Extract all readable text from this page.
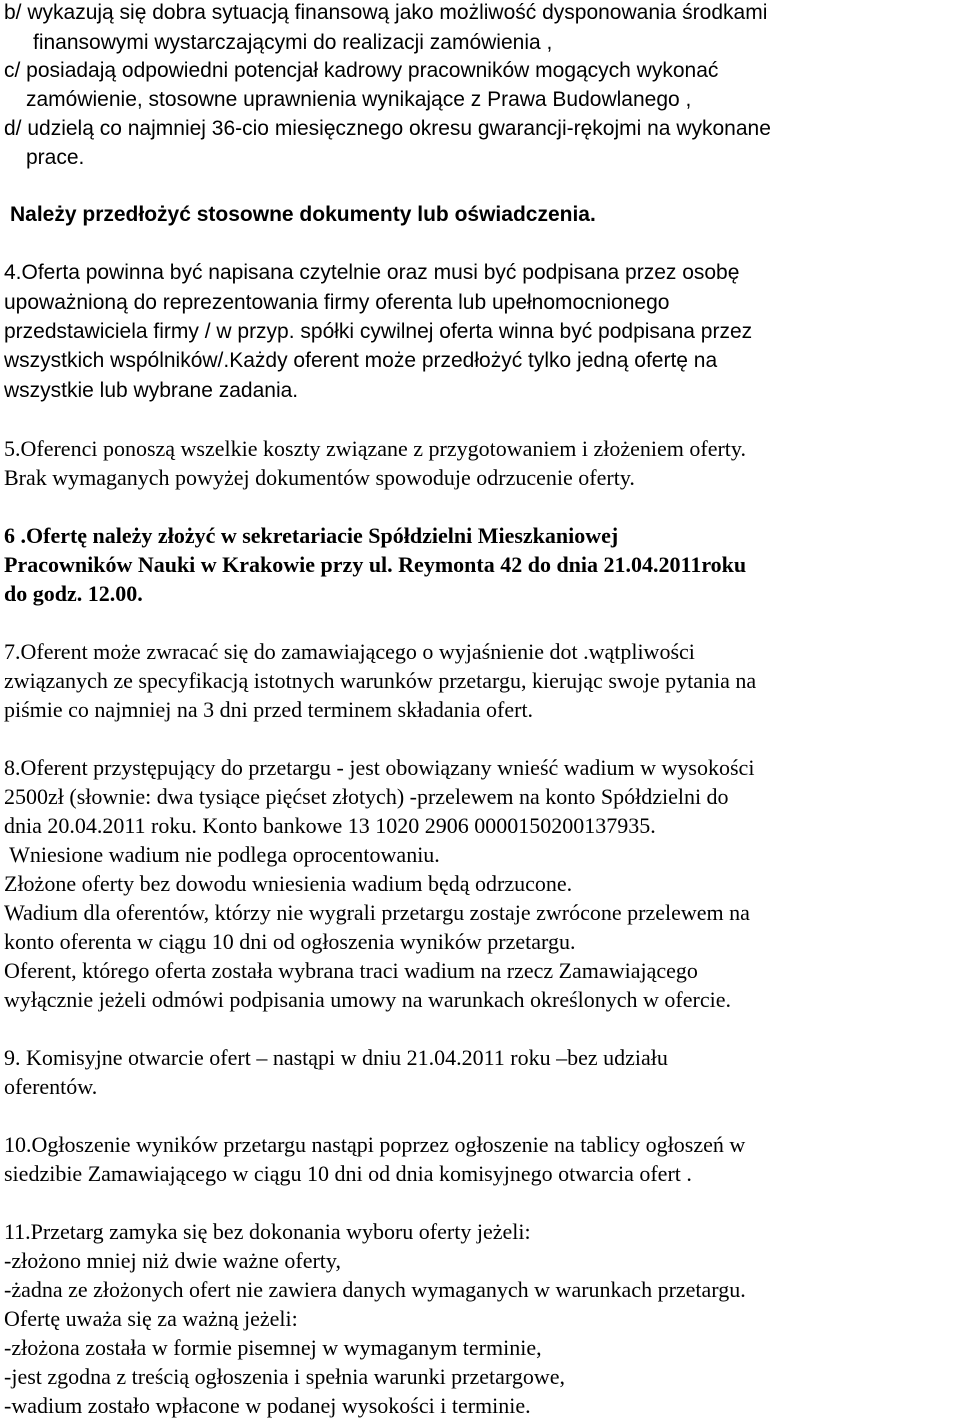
b/ wykazują się dobra sytuacją finansową jako możliwość dysponowania środkami
finansowymi wystarczającymi do realizacji zamówienia ,
c/ posiadają odpowiedni potencjał kadrowy pracowników mogących wykonać
zamówienie, stosowne uprawnienia wynikające z Prawa Budowlanego ,
d/ udzielą co najmniej 36-cio miesięcznego okresu gwarancji-rękojmi na wykonane
prace.
Należy przedłożyć stosowne dokumenty lub oświadczenia.
4.Oferta powinna być napisana czytelnie oraz musi być podpisana przez osobę
upoważnioną do reprezentowania firmy oferenta lub upełnomocnionego
przedstawiciela firmy / w przyp. spółki cywilnej oferta winna być podpisana przez
wszystkich wspólników/.Każdy oferent może przedłożyć tylko jedną ofertę na
wszystkie lub wybrane zadania.
5.Oferenci ponoszą wszelkie koszty związane z przygotowaniem i złożeniem oferty.
Brak wymaganych powyżej dokumentów spowoduje odrzucenie oferty.
6 .Ofertę należy złożyć w sekretariacie Spółdzielni Mieszkaniowej
Pracowników Nauki w Krakowie przy ul. Reymonta 42 do dnia 21.04.2011roku
do godz. 12.00.
7.Oferent może zwracać się do zamawiającego o wyjaśnienie dot .wątpliwości
związanych ze specyfikacją istotnych warunków przetargu, kierując swoje pytania na
piśmie co najmniej na 3 dni przed terminem składania ofert.
8.Oferent przystępujący do przetargu - jest obowiązany wnieść wadium w wysokości
2500zł (słownie: dwa tysiące pięćset złotych) -przelewem na konto Spółdzielni do
dnia 20.04.2011 roku. Konto bankowe 13 1020 2906 0000150200137935.
Wniesione wadium nie podlega oprocentowaniu.
Złożone oferty bez dowodu wniesienia wadium będą odrzucone.
Wadium dla oferentów, którzy nie wygrali przetargu zostaje zwrócone przelewem na
konto oferenta w ciągu 10 dni od ogłoszenia wyników przetargu.
Oferent, którego oferta została wybrana traci wadium na rzecz Zamawiającego
wyłącznie jeżeli odmówi podpisania umowy na warunkach określonych w ofercie.
9. Komisyjne otwarcie ofert – nastąpi w dniu 21.04.2011 roku –bez udziału
oferentów.
10.Ogłoszenie wyników przetargu nastąpi poprzez ogłoszenie na tablicy ogłoszeń w
siedzibie Zamawiającego w ciągu 10 dni od dnia komisyjnego otwarcia ofert .
11.Przetarg zamyka się bez dokonania wyboru oferty jeżeli:
-złożono mniej niż dwie ważne oferty,
-żadna ze złożonych ofert nie zawiera danych wymaganych w warunkach przetargu.
Ofertę uważa się za ważną jeżeli:
-złożona została w formie pisemnej w wymaganym terminie,
-jest zgodna z treścią ogłoszenia i spełnia warunki przetargowe,
-wadium zostało wpłacone w podanej wysokości i terminie.
